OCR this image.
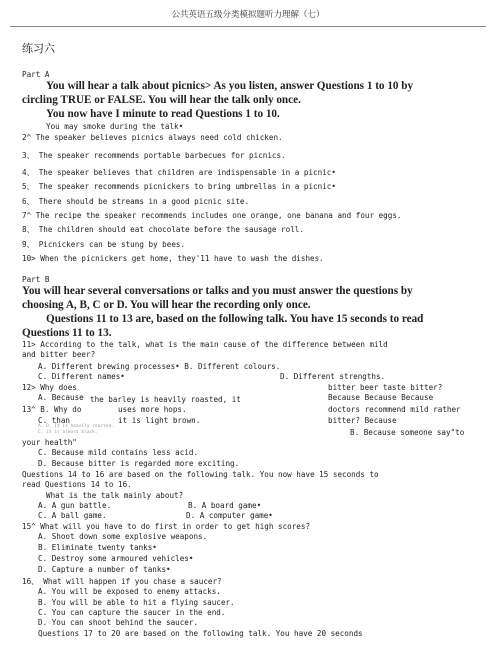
公共英语五级分类模拟题听力理解（七）
练习六
Part A
You will hear a talk about picnics> As you listen, answer Questions 1 to 10 by
circling TRUE or FALSE. You will hear the talk only once.
You now have I minute to read Questions 1 to 10.
You may smoke during the talk•
2^ The speaker believes picnics always need cold chicken.
3、 The speaker recommends portable barbecues for picnics.
4、 The speaker believes that children are indispensable in a picnic•
5、 The speaker recommends picnickers to bring umbrellas in a picnic•
6、 There should be streams in a good picnic site.
7^ The recipe the speaker recommends includes one orange, one banana and four eggs.
8、 The children should eat chocolate before the sausage roll.
9、 Picnickers can be stung by bees.
10> When the picnickers get home, they'11 have to wash the dishes.
Part B
You will hear several conversations or talks and you must answer the questions by
choosing A, B, C or D. You will hear the recording only once.
Questions 11 to 13 are, based on the following talk. You have 15 seconds to read
Questions 11 to 13.
11> According to the talk, what is the main cause of the difference between mild
and bitter beer?
A. Different brewing processes• B. Different colours.
C. Different names•	D. Different strengths.
12> Why does	bitter beer taste bitter?
A. Because the barley is heavily roasted, it	Because Because Because
13^ B. Why do	uses more hops.	doctors recommend mild rather
C. than	it is light brown.	bitter? Because
A. D. It is heavily roasted.
C. it is almost black.	B. Because someone say"to
your health"
C. Because mild contains less acid.
D. Because bitter is regarded more exciting.
Questions 14 to 16 are based on the following talk. You now have 15 seconds to
read Questions 14 to 16.
What is the talk mainly about?
A. A gun battle.	B. A board game•
C. A ball game.	D. A computer game•
15^ What will you have to do first in order to get high scores?
A. Shoot down some explosive weapons.
B. Eliminate twenty tanks•
C. Destroy some armoured vehicles•
D. Capture a number of tanks•
16、 What will happen if you chase a saucer?
A. You will be exposed to enemy attacks.
B. You will be able to hit a flying saucer.
C. You can capture the saucer in the end.
D. You can shoot behind the saucer.
Questions 17 to 20 are based on the following talk. You have 20 seconds
